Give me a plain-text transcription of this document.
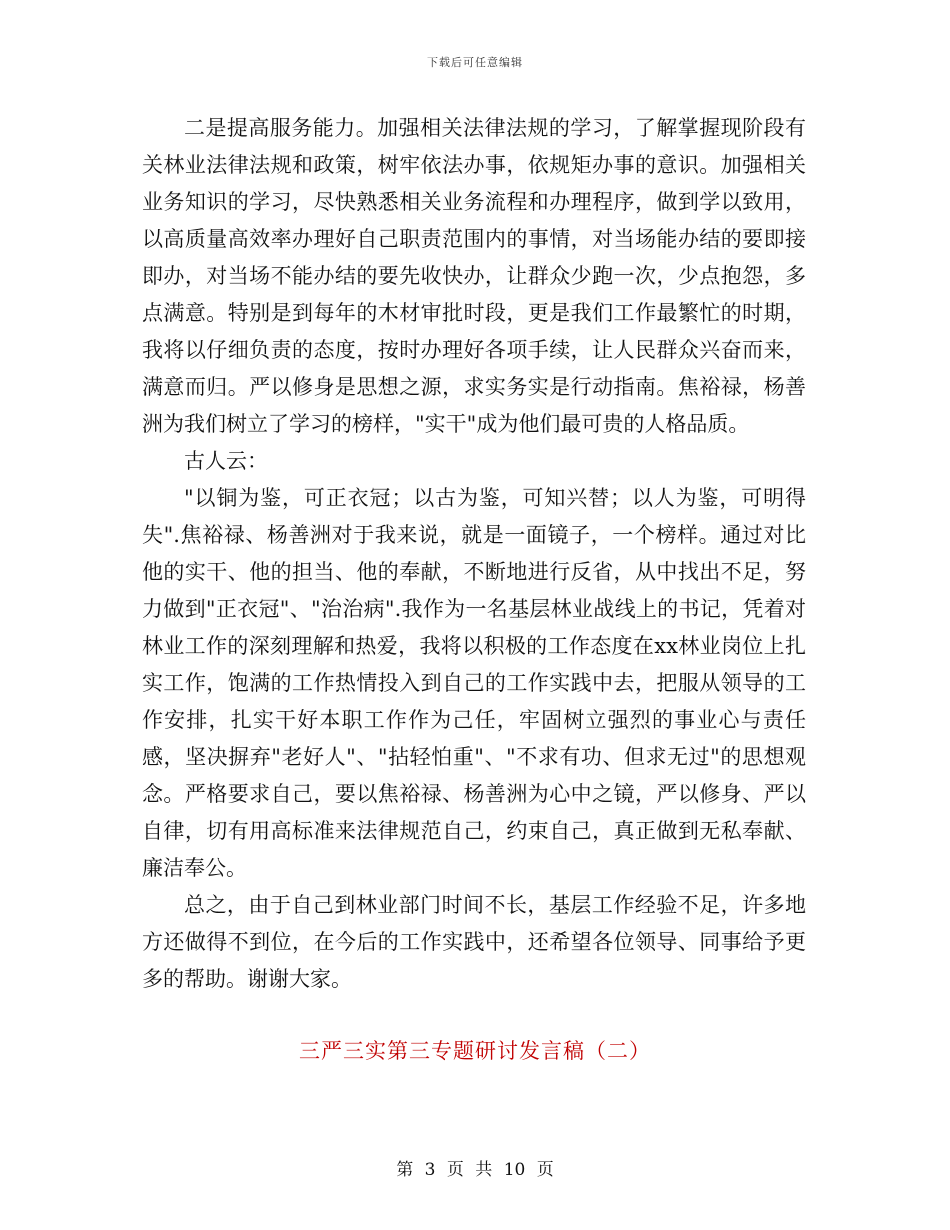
下载后可任意编辑

二是提高服务能力。加强相关法律法规的学习，了解掌握现阶段有关林业法律法规和政策，树牢依法办事，依规矩办事的意识。加强相关业务知识的学习，尽快熟悉相关业务流程和办理程序，做到学以致用，以高质量高效率办理好自己职责范围内的事情，对当场能办结的要即接即办，对当场不能办结的要先收快办，让群众少跑一次，少点抱怨，多点满意。特别是到每年的木材审批时段，更是我们工作最繁忙的时期，我将以仔细负责的态度，按时办理好各项手续，让人民群众兴奋而来，满意而归。严以修身是思想之源，求实务实是行动指南。焦裕禄，杨善洲为我们树立了学习的榜样，"实干"成为他们最可贵的人格品质。

古人云：

"以铜为鉴，可正衣冠；以古为鉴，可知兴替；以人为鉴，可明得失".焦裕禄、杨善洲对于我来说，就是一面镜子，一个榜样。通过对比他的实干、他的担当、他的奉献，不断地进行反省，从中找出不足，努力做到"正衣冠"、"治治病".我作为一名基层林业战线上的书记，凭着对林业工作的深刻理解和热爱，我将以积极的工作态度在xx林业岗位上扎实工作，饱满的工作热情投入到自己的工作实践中去，把服从领导的工作安排，扎实干好本职工作作为己任，牢固树立强烈的事业心与责任感，坚决摒弃"老好人"、"拈轻怕重"、"不求有功、但求无过"的思想观念。严格要求自己，要以焦裕禄、杨善洲为心中之镜，严以修身、严以自律，切有用高标准来法律规范自己，约束自己，真正做到无私奉献、廉洁奉公。

总之，由于自己到林业部门时间不长，基层工作经验不足，许多地方还做得不到位，在今后的工作实践中，还希望各位领导、同事给予更多的帮助。谢谢大家。

三严三实第三专题研讨发言稿（二）
第 3 页 共 10 页
